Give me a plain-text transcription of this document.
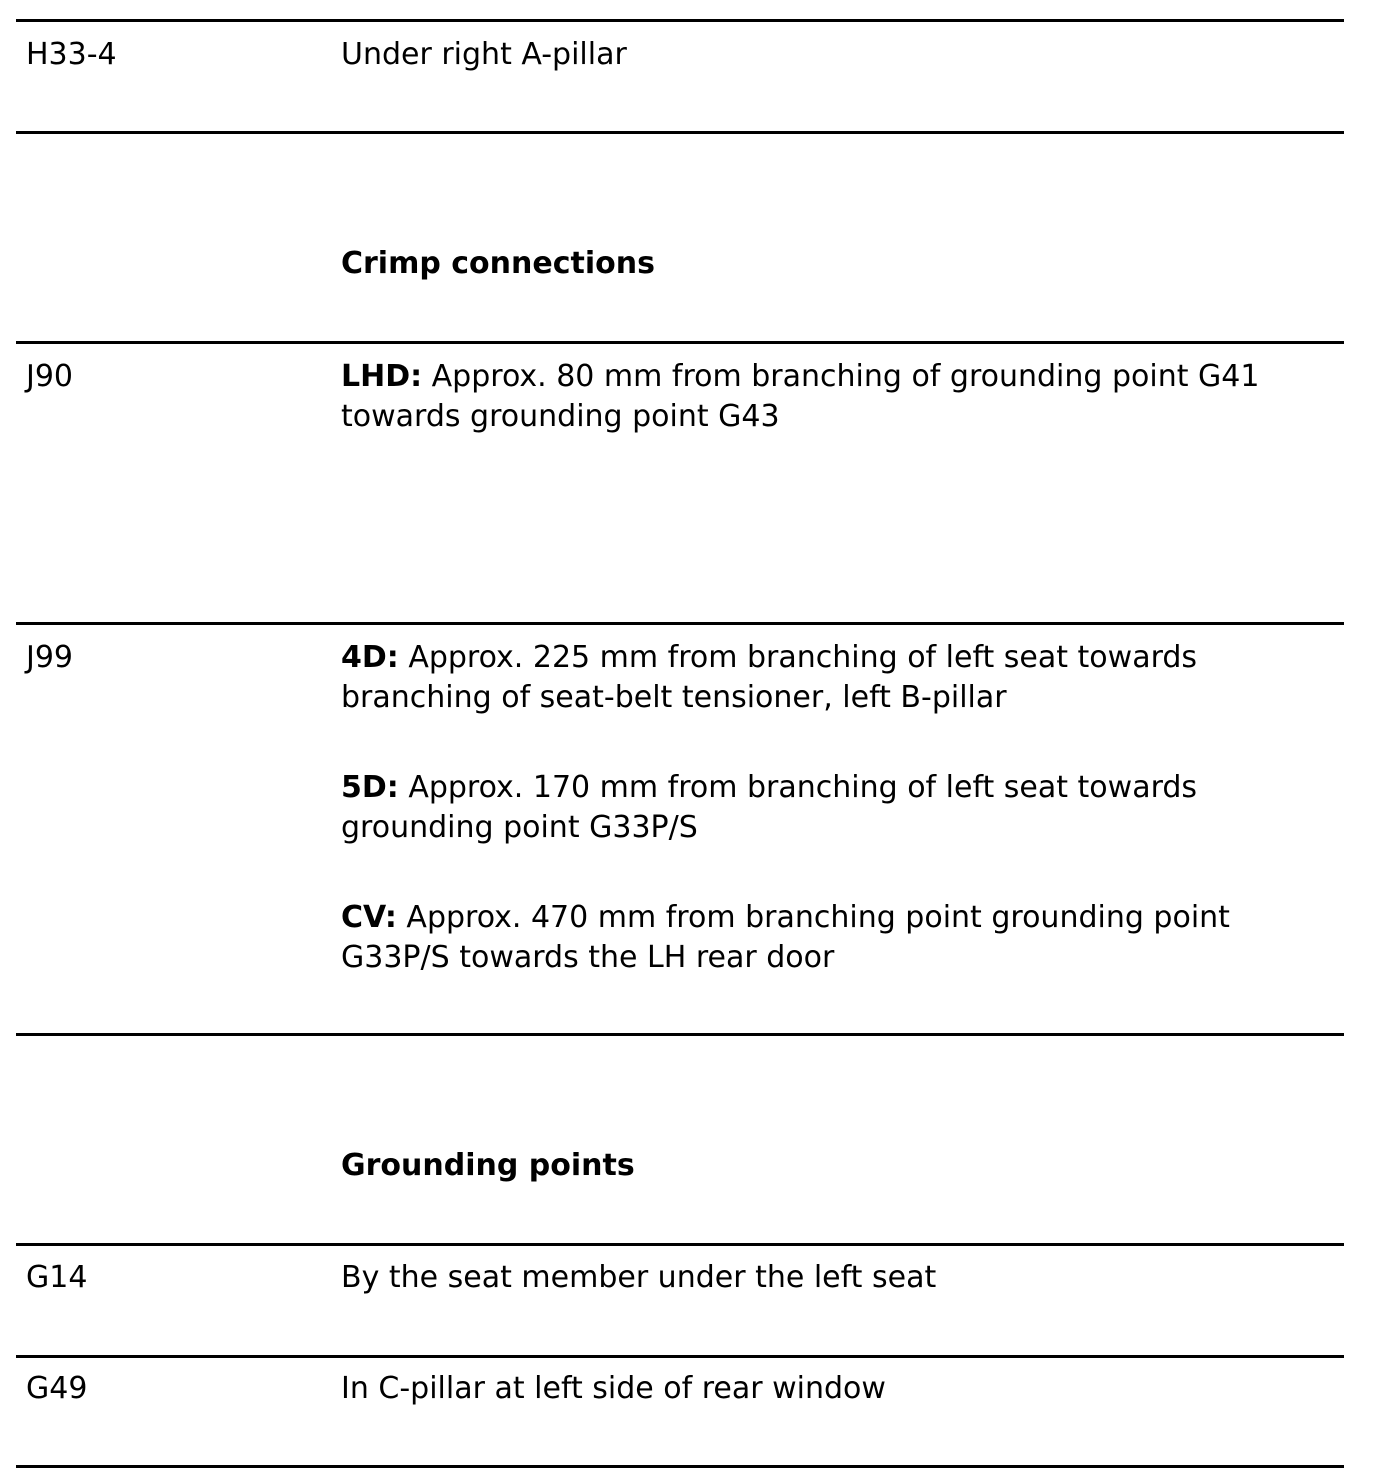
H33-4	Under right A-pillar
Crimp connections
J90	LHD: Approx. 80 mm from branching of grounding point G41 towards grounding point G43

J99	4D: Approx. 225 mm from branching of left seat towards branching of seat-belt tensioner, left B-pillar

5D: Approx. 170 mm from branching of left seat towards grounding point G33P/S

CV: Approx. 470 mm from branching point grounding point G33P/S towards the LH rear door

Grounding points
G14	By the seat member under the left seat
G49	In C-pillar at left side of rear window
